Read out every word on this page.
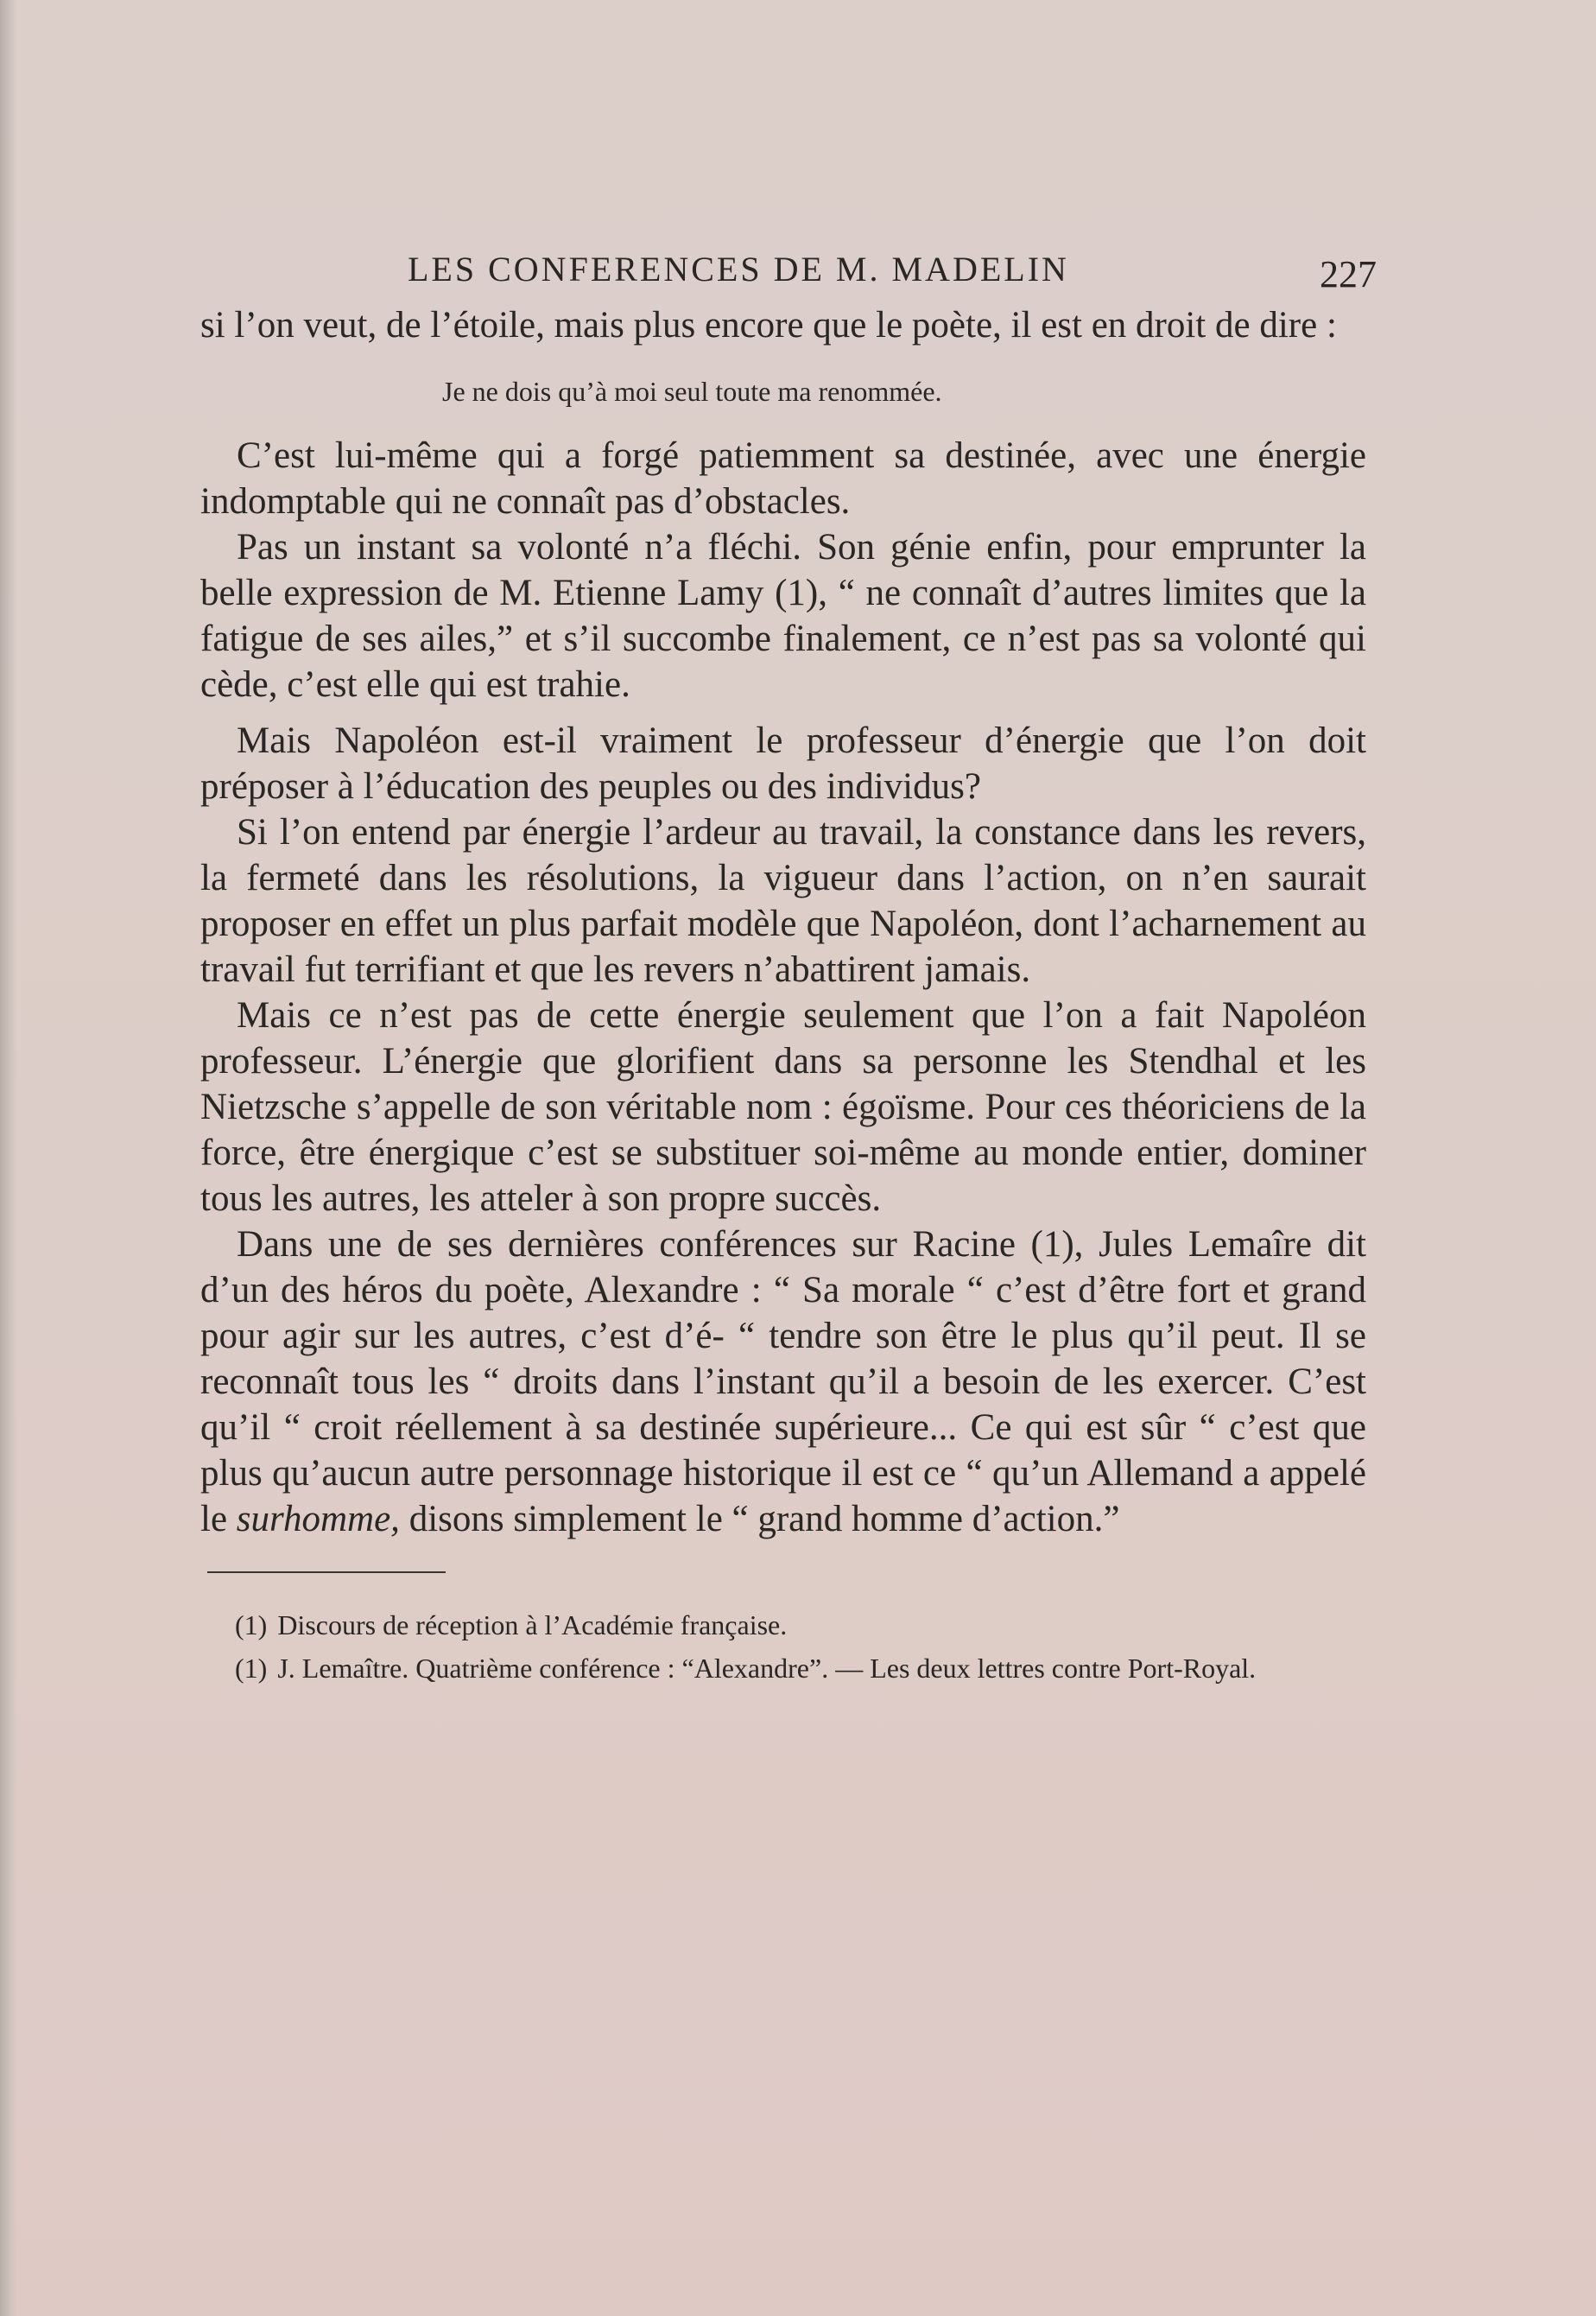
LES CONFERENCES DE M. MADELIN	227

si l’on veut, de l’étoile, mais plus encore que le poète, il est en droit de dire :

Je ne dois qu’à moi seul toute ma renommée.

C’est lui-même qui a forgé patiemment sa destinée, avec une énergie indomptable qui ne connaît pas d’obstacles.

Pas un instant sa volonté n’a fléchi. Son génie enfin, pour emprunter la belle expression de M. Etienne Lamy (1), “ ne connaît d’autres limites que la fatigue de ses ailes,” et s’il succombe finalement, ce n’est pas sa volonté qui cède, c’est elle qui est trahie.

Mais Napoléon est-il vraiment le professeur d’énergie que l’on doit préposer à l’éducation des peuples ou des individus?

Si l’on entend par énergie l’ardeur au travail, la constance dans les revers, la fermeté dans les résolutions, la vigueur dans l’action, on n’en saurait proposer en effet un plus parfait modèle que Napoléon, dont l’acharnement au travail fut terrifiant et que les revers n’abattirent jamais.

Mais ce n’est pas de cette énergie seulement que l’on a fait Napoléon professeur. L’énergie que glorifient dans sa personne les Stendhal et les Nietzsche s’appelle de son véritable nom : égoïsme. Pour ces théoriciens de la force, être énergique c’est se substituer soi-même au monde entier, dominer tous les autres, les atteler à son propre succès.

Dans une de ses dernières conférences sur Racine (1), Jules Lemaîre dit d’un des héros du poète, Alexandre : “ Sa morale “ c’est d’être fort et grand pour agir sur les autres, c’est d’é- “ tendre son être le plus qu’il peut. Il se reconnaît tous les “ droits dans l’instant qu’il a besoin de les exercer. C’est qu’il “ croit réellement à sa destinée supérieure... Ce qui est sûr “ c’est que plus qu’aucun autre personnage historique il est ce “ qu’un Allemand a appelé le surhomme, disons simplement le “ grand homme d’action.”

(1) Discours de réception à l’Académie française.

(1) J. Lemaître. Quatrième conférence : “Alexandre”. — Les deux lettres contre Port-Royal.
